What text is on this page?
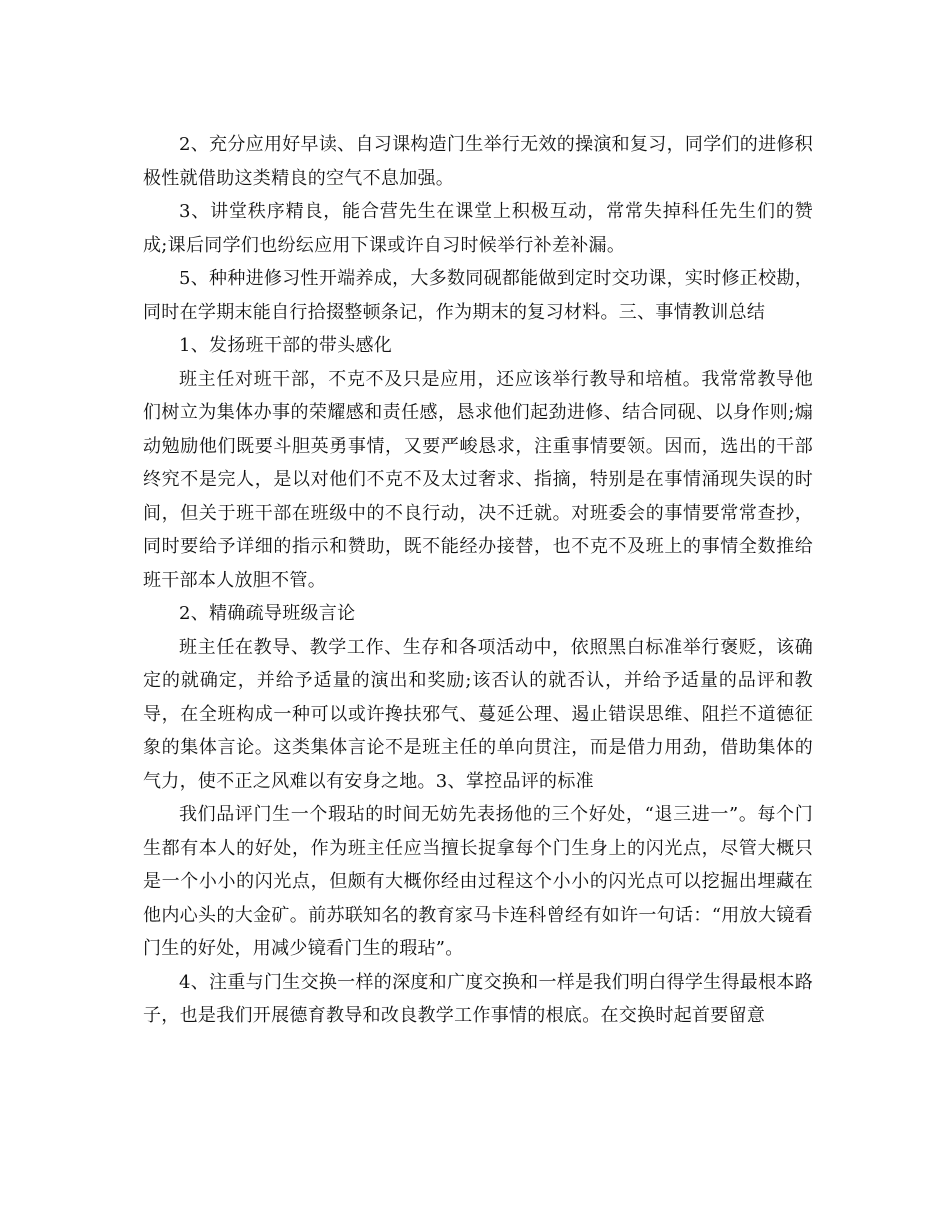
2、充分应用好早读、自习课构造门生举行无效的操演和复习，同学们的进修积极性就借助这类精良的空气不息加强。

3、讲堂秩序精良，能合营先生在课堂上积极互动，常常失掉科任先生们的赞成;课后同学们也纷纭应用下课或许自习时候举行补差补漏。

5、种种进修习性开端养成，大多数同砚都能做到定时交功课，实时修正校勘，同时在学期末能自行拾掇整顿条记，作为期末的复习材料。三、事情教训总结

1、发扬班干部的带头感化

班主任对班干部，不克不及只是应用，还应该举行教导和培植。我常常教导他们树立为集体办事的荣耀感和责任感，恳求他们起劲进修、结合同砚、以身作则;煽动勉励他们既要斗胆英勇事情，又要严峻恳求，注重事情要领。因而，选出的干部终究不是完人，是以对他们不克不及太过奢求、指摘，特别是在事情涌现失误的时间，但关于班干部在班级中的不良行动，决不迁就。对班委会的事情要常常查抄，同时要给予详细的指示和赞助，既不能经办接替，也不克不及班上的事情全数推给班干部本人放胆不管。

2、精确疏导班级言论

班主任在教导、教学工作、生存和各项活动中，依照黑白标准举行褒贬，该确定的就确定，并给予适量的演出和奖励;该否认的就否认，并给予适量的品评和教导，在全班构成一种可以或许搀扶邪气、蔓延公理、遏止错误思维、阻拦不道德征象的集体言论。这类集体言论不是班主任的单向贯注，而是借力用劲，借助集体的气力，使不正之风难以有安身之地。3、掌控品评的标准

我们品评门生一个瑕玷的时间无妨先表扬他的三个好处，“退三进一”。每个门生都有本人的好处，作为班主任应当擅长捉拿每个门生身上的闪光点，尽管大概只是一个小小的闪光点，但颇有大概你经由过程这个小小的闪光点可以挖掘出埋藏在他内心头的大金矿。前苏联知名的教育家马卡连科曾经有如许一句话：“用放大镜看门生的好处，用减少镜看门生的瑕玷”。

4、注重与门生交换一样的深度和广度交换和一样是我们明白得学生得最根本路子，也是我们开展德育教导和改良教学工作事情的根底。在交换时起首要留意
